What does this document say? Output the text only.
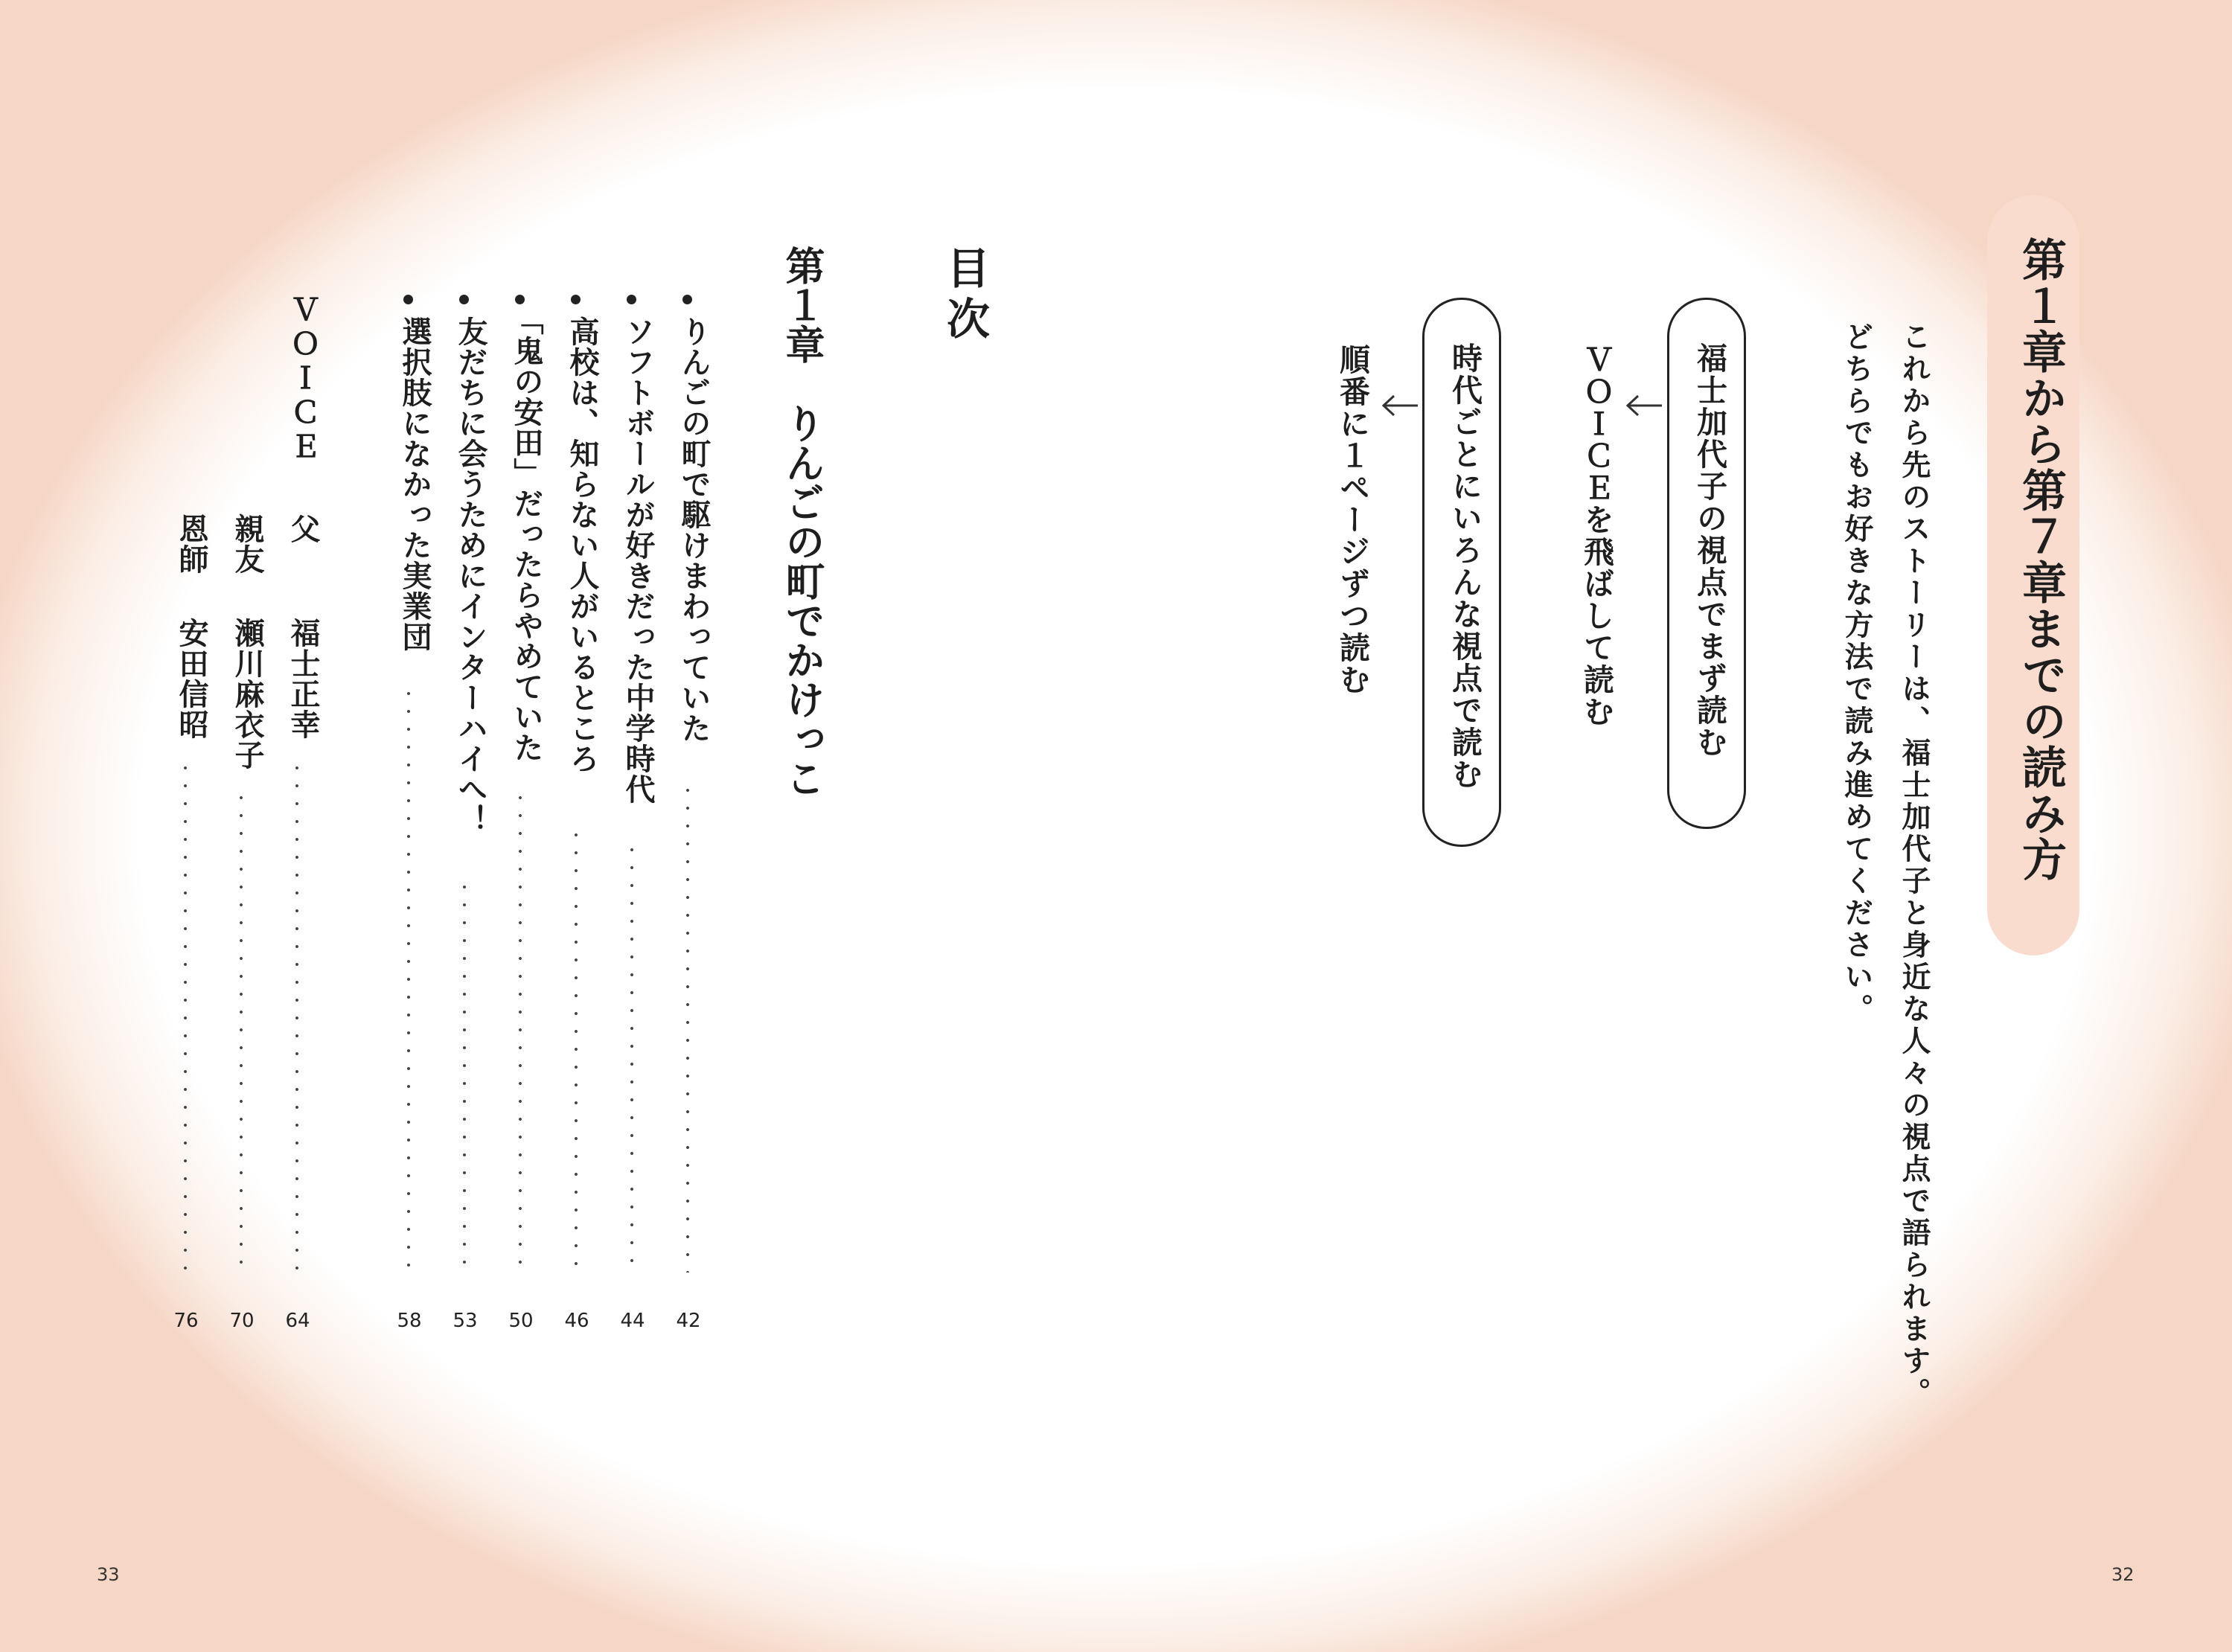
第１章から第７章までの読み方
これから先のストーリーは、福士加代子と身近な人々の視点で語られます。
どちらでもお好きな方法で読み進めてください。
福士加代子の視点でまず読む
ＶＯＩＣＥを飛ばして読む
時代ごとにいろんな視点で読む
順番に１ページずつ読む
32
目次
第１章　りんごの町でかけっこ
りんごの町で駆けまわっていた
42
ソフトボールが好きだった中学時代
44
高校は、知らない人がいるところ
46
「鬼の安田」だったらやめていた
50
友だちに会うためにインターハイへ！
53
選択肢になかった実業団
58
ＶＯＩＣＥ
父
福士正幸
64
親友
瀬川麻衣子
70
恩師
安田信昭
76
33
